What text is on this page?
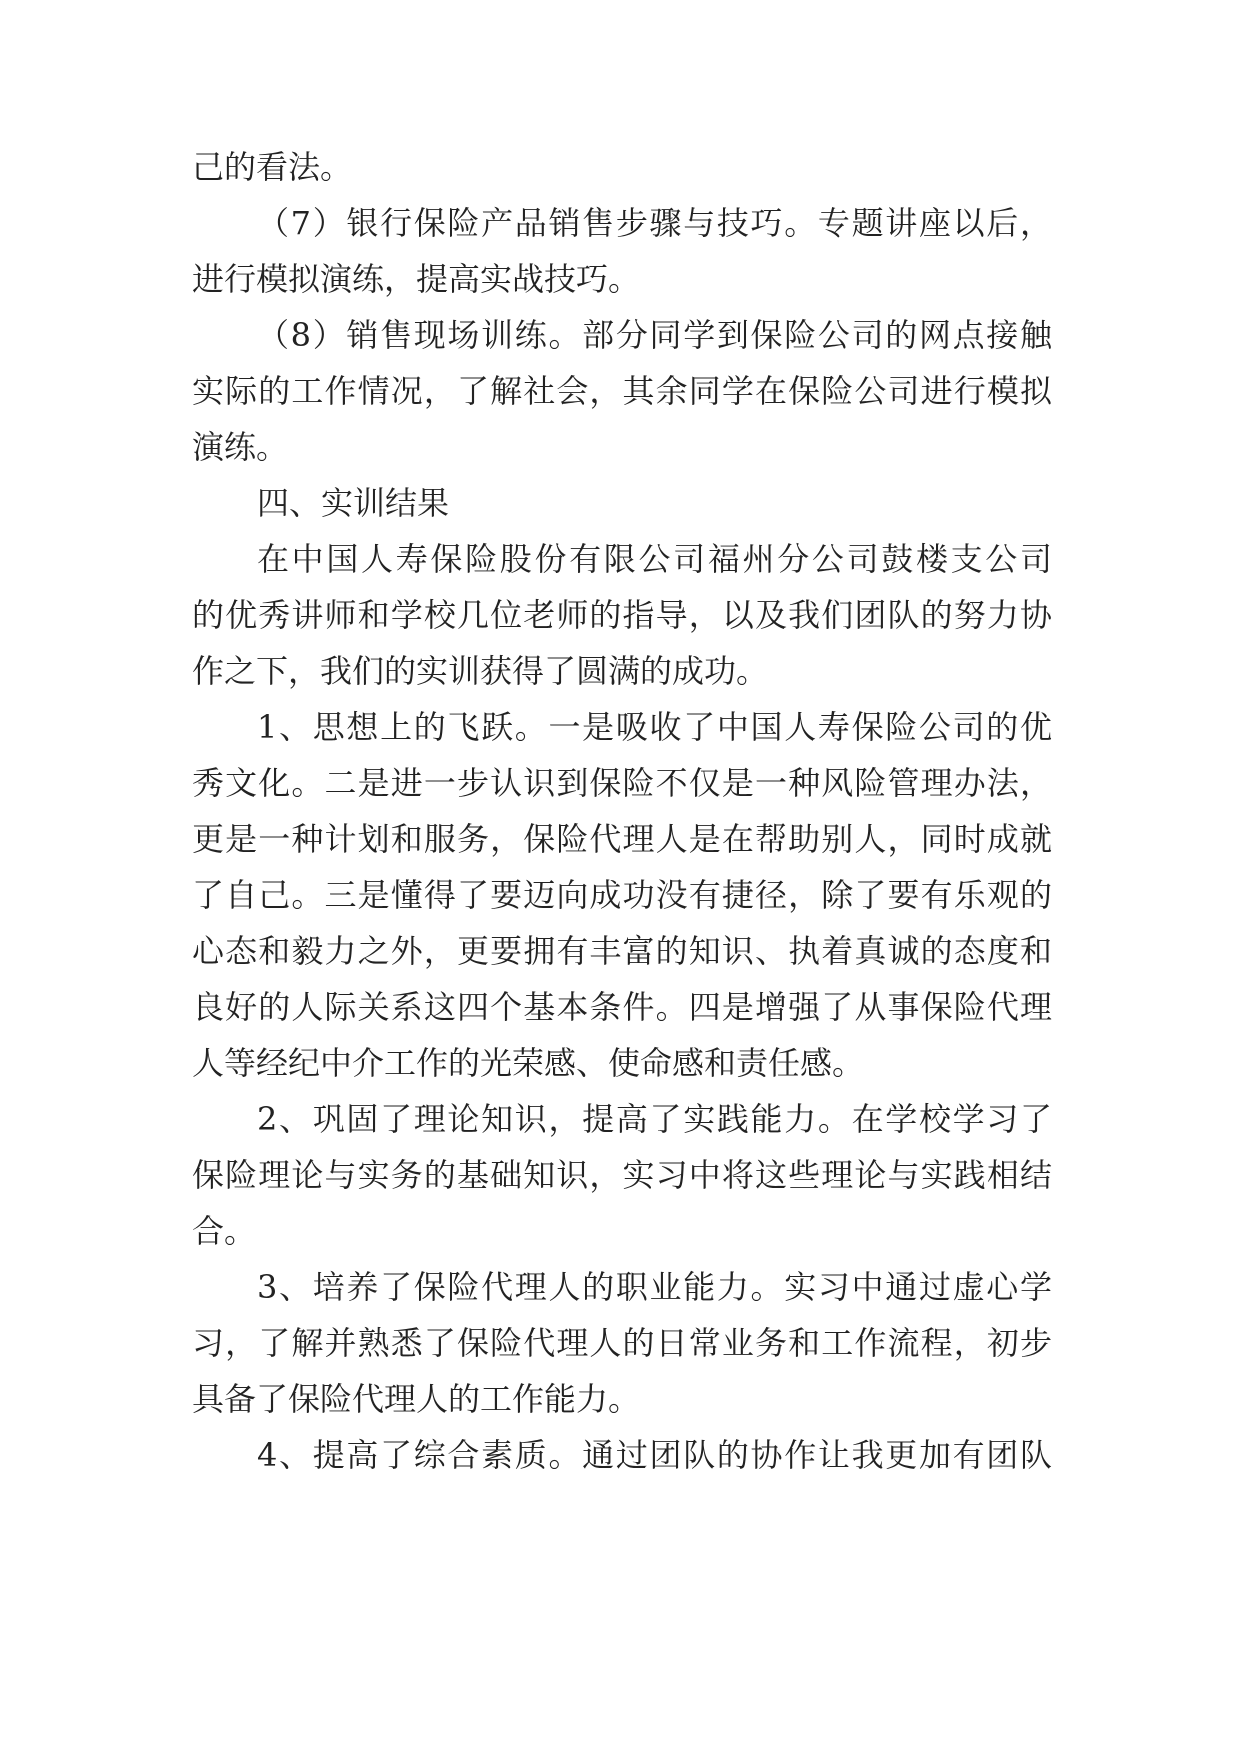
己的看法。

（7）银行保险产品销售步骤与技巧。专题讲座以后，

进行模拟演练，提高实战技巧。

（8）销售现场训练。部分同学到保险公司的网点接触

实际的工作情况，了解社会，其余同学在保险公司进行模拟

演练。

四、实训结果

在中国人寿保险股份有限公司福州分公司鼓楼支公司

的优秀讲师和学校几位老师的指导，以及我们团队的努力协

作之下，我们的实训获得了圆满的成功。

1、思想上的飞跃。一是吸收了中国人寿保险公司的优

秀文化。二是进一步认识到保险不仅是一种风险管理办法，

更是一种计划和服务，保险代理人是在帮助别人，同时成就

了自己。三是懂得了要迈向成功没有捷径，除了要有乐观的

心态和毅力之外，更要拥有丰富的知识、执着真诚的态度和

良好的人际关系这四个基本条件。四是增强了从事保险代理

人等经纪中介工作的光荣感、使命感和责任感。

2、巩固了理论知识，提高了实践能力。在学校学习了

保险理论与实务的基础知识，实习中将这些理论与实践相结

合。

3、培养了保险代理人的职业能力。实习中通过虚心学

习，了解并熟悉了保险代理人的日常业务和工作流程，初步

具备了保险代理人的工作能力。

4、提高了综合素质。通过团队的协作让我更加有团队
